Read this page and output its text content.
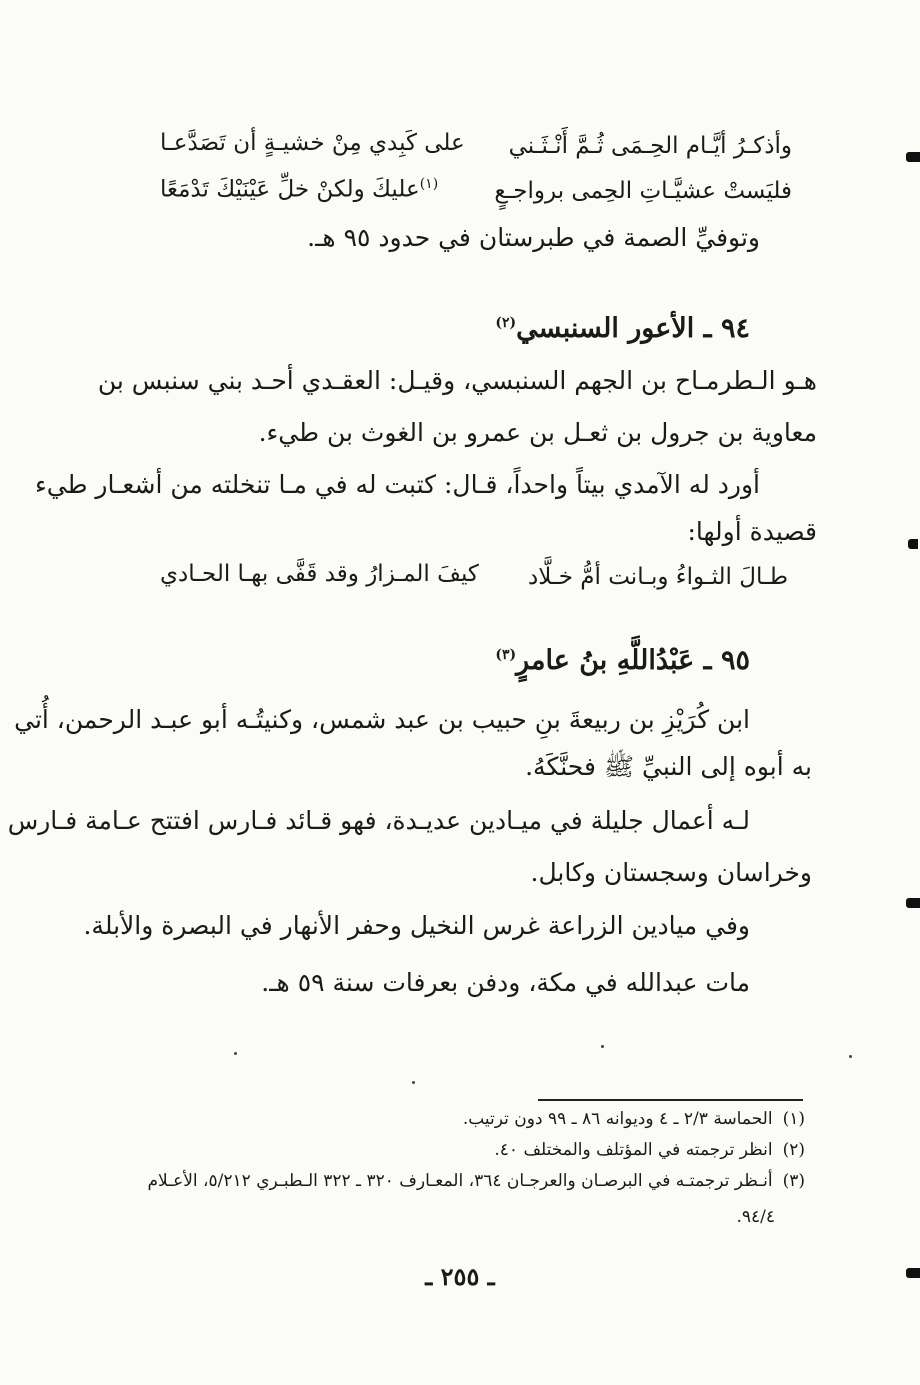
وأذكـرُ أيَّـام الحِـمَى ثُـمَّ أَنْـثَـني
على كَبِدي مِنْ خشيـةٍ أن تَصَدَّعـا
فليَستْ عشيَّـاتِ الحِمى برواجـعٍ
$^{(١)}$عليكَ ولكنْ خلِّ عَيْنَيْكَ تَدْمَعًا
وتوفيِّ الصمة في طبرستان في حدود ٩٥ هـ.
٩٤ ـ الأعور السنبسي$^{(٢)}$
هـو الـطرمـاح بن الجهم السنبسي، وقيـل: العقـدي أحـد بني سنبس بن
معاوية بن جرول بن ثعـل بن عمرو بن الغوث بن طيء.
أورد له الآمدي بيتاً واحداً، قـال: كتبت له في مـا تنخلته من أشعـار طيء
قصيدة أولها:
طـالَ الثـواءُ وبـانت أمُّ خـلَّاد
كيفَ المـزارُ وقد قَفَّى بهـا الحـادي
٩٥ ـ عَبْدُاللَّهِ بنُ عامرٍ$^{(٣)}$
ابن كُرَيْزِ بن ربيعةَ بنِ حبيب بن عبد شمس، وكنيتُـه أبو عبـد الرحمن، أُتي
به أبوه إلى النبيِّ ﷺ فحنَّكَهُ.
لـه أعمال جليلة في ميـادين عديـدة، فهو قـائد فـارس افتتح عـامة فـارس
وخراسان وسجستان وكابل.
وفي ميادين الزراعة غرس النخيل وحفر الأنهار في البصرة والأبلة.
مات عبدالله في مكة، ودفن بعرفات سنة ٥٩ هـ.
(١)الحماسة ٢/٣ ـ ٤ وديوانه ٨٦ ـ ٩٩ دون ترتيب.
(٢)انظر ترجمته في المؤتلف والمختلف ٤٠.
(٣)أنـظر ترجمتـه في البرصـان والعرجـان ٣٦٤، المعـارف ٣٢٠ ـ ٣٢٢ الـطبـري ٥/٢١٢، الأعـلام
٩٤/٤.
ـ ٢٥٥ ـ
